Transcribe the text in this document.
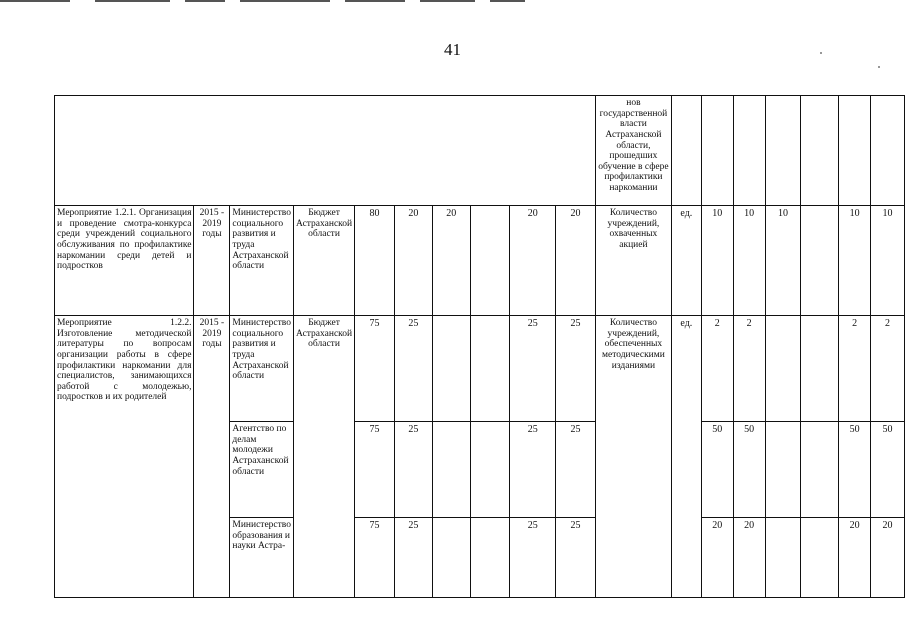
41
										нов государственной власти Астраханской области, прошедших обучение в сфере профилактики наркомании							
Мероприятие 1.2.1. Организация и проведение смотра-конкурса среди учреждений социального обслуживания по профилактике наркомании среди детей и подростков	2015 - 2019 годы	Министерство социального развития и труда Астраханской области	Бюджет Астраханской области	80	20	20		20	20	Количество учреждений, охваченных акцией	ед.	10	10	10		10	10
Мероприятие 1.2.2. Изготовление методической литературы по вопросам организации работы в сфере профилактики наркомании для специалистов, занимающихся работой с молодежью, подростков и их родителей	2015 - 2019 годы	Министерство социального развития и труда Астраханской области	Бюджет Астраханской области	75	25			25	25	Количество учреждений, обеспеченных методическими изданиями	ед.	2	2			2	2
		Агентство по делам молодежи Астраханской области		75	25			25	25			50	50			50	50
		Министерство образования и науки Астра-		75	25			25	25			20	20			20	20
